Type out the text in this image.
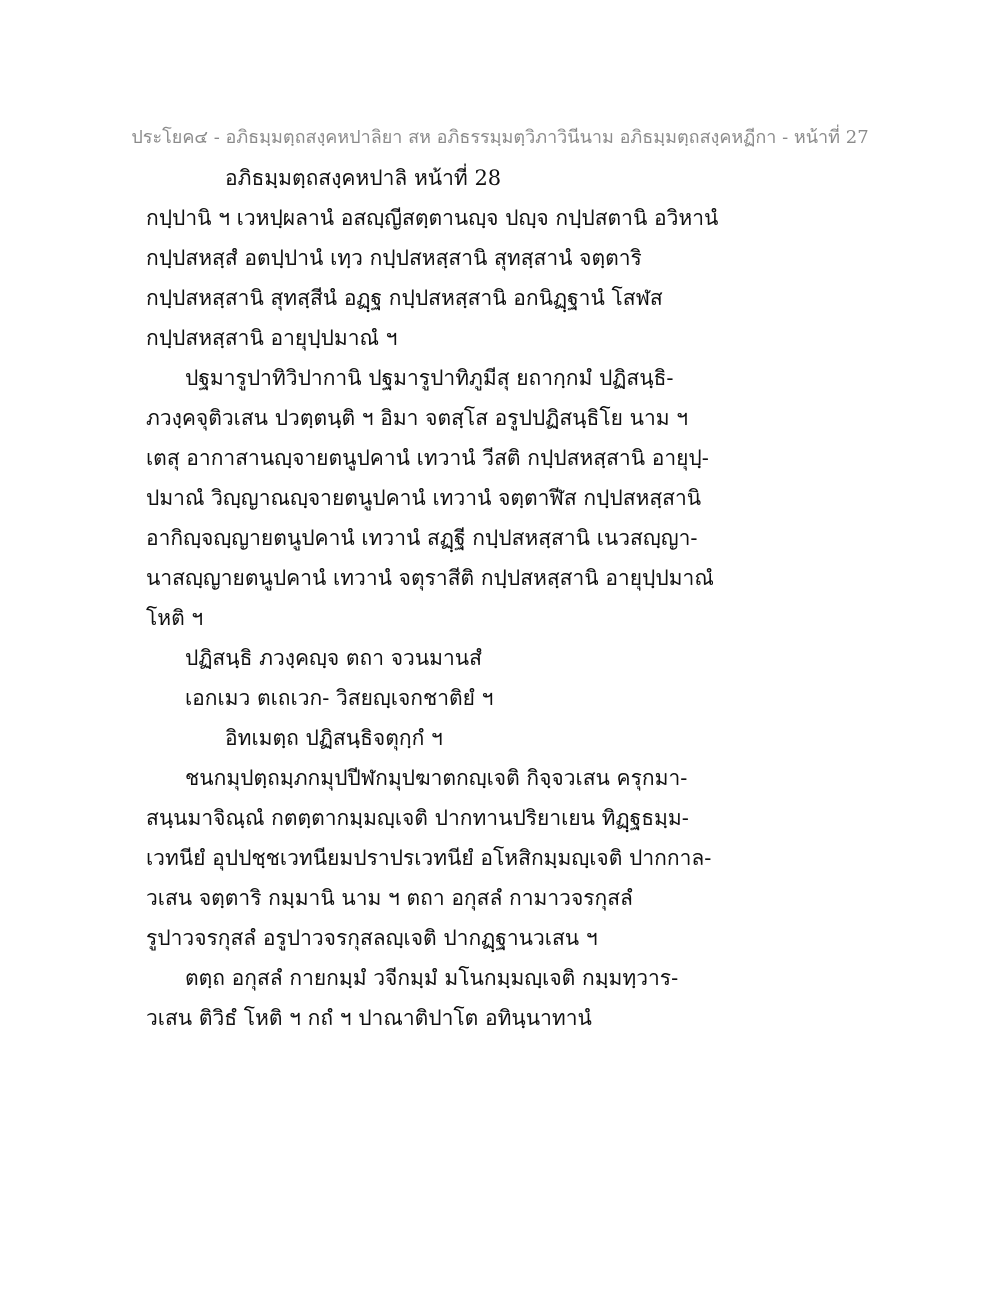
ประโยค๔ - อภิธมฺมตฺถสงฺคหปาลิยา สห อภิธรรมฺมตฺวิภาวินีนาม อภิธมฺมตฺถสงฺคหฏีกา - หน้าที่ 27
อภิธมฺมตฺถสงฺคหปาลิ หน้าที่ 28
กปฺปานิ ฯ เวหปฺผลานํ อสญฺญีสตฺตานญฺจ ปญฺจ กปฺปสตานิ อวิหานํ
กปฺปสหสฺสํ อตปฺปานํ เทฺว กปฺปสหสฺสานิ สุทสฺสานํ จตฺตาริ
กปฺปสหสฺสานิ สุทสฺสีนํ อฏฺฐ กปฺปสหสฺสานิ อกนิฏฺฐานํ โสฬส
กปฺปสหสฺสานิ อายุปฺปมาณํ ฯ
ปฐมารูปาทิวิปากานิ ปฐมารูปาทิภูมีสุ ยถากฺกมํ ปฏิสนฺธิ-
ภวงฺคจุติวเสน ปวตฺตนฺติ ฯ อิมา จตสฺโส อรูปปฏิสนฺธิโย นาม ฯ
เตสุ อากาสานญฺจายตนูปคานํ เทวานํ วีสติ กปฺปสหสฺสานิ อายุปฺ-
ปมาณํ วิญฺญาณญฺจายตนูปคานํ เทวานํ จตฺตาฬีส กปฺปสหสฺสานิ
อากิญฺจญฺญายตนูปคานํ เทวานํ สฏฺฐี กปฺปสหสฺสานิ เนวสญฺญา-
นาสญฺญายตนูปคานํ เทวานํ จตุราสีติ กปฺปสหสฺสานิ อายุปฺปมาณํ
โหติ ฯ
ปฏิสนฺธิ ภวงฺคญฺจ ตถา จวนมานสํ
เอกเมว ตเถเวก- วิสยญฺเจกชาติยํ ฯ
อิทเมตฺถ ปฏิสนฺธิจตุกฺกํ ฯ
ชนกมุปตฺถมฺภกมุปปีฬกมุปฆาตกญฺเจติ กิจฺจวเสน ครุกมา-
สนฺนมาจิณฺณํ กตตฺตากมฺมญฺเจติ ปากทานปริยาเยน ทิฏฺฐธมฺม-
เวทนียํ อุปปชฺชเวทนียมปราปรเวทนียํ อโหสิกมฺมญฺเจติ ปากกาล-
วเสน จตฺตาริ กมฺมานิ นาม ฯ ตถา อกุสลํ กามาวจรกุสลํ
รูปาวจรกุสลํ อรูปาวจรกุสลญฺเจติ ปากฏฺฐานวเสน ฯ
ตตฺถ อกุสลํ กายกมฺมํ วจีกมฺมํ มโนกมฺมญฺเจติ กมฺมทฺวาร-
วเสน ติวิธํ โหติ ฯ กถํ ฯ ปาณาติปาโต อทินฺนาทานํ
